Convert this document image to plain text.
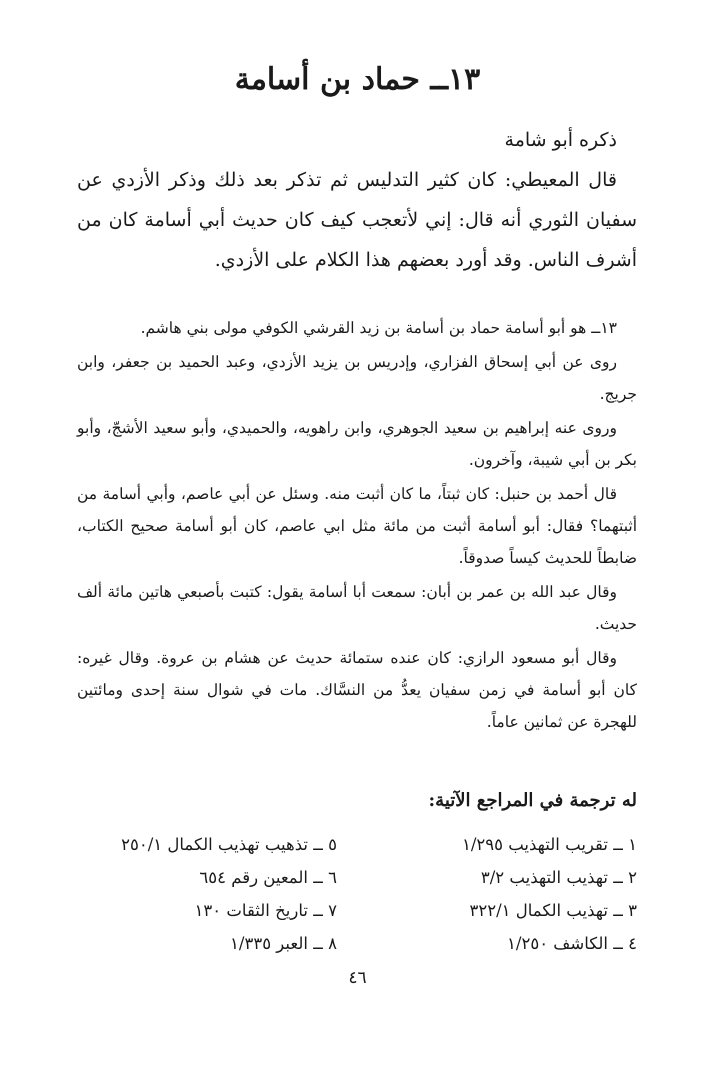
١٣ــ حماد بن أسامة

ذكره أبو شامة

قال المعيطي: كان كثير التدليس ثم تذكر بعد ذلك وذكر الأزدي عن سفيان الثوري أنه قال: إني لأتعجب كيف كان حديث أبي أسامة كان من أشرف الناس. وقد أورد بعضهم هذا الكلام على الأزدي.

١٣ــ هو أبو أسامة حماد بن أسامة بن زيد القرشي الكوفي مولى بني هاشم.

روى عن أبي إسحاق الفزاري، وإدريس بن يزيد الأزدي، وعبد الحميد بن جعفر، وابن جريج.

وروى عنه إبراهيم بن سعيد الجوهري، وابن راهويه، والحميدي، وأبو سعيد الأشجّ، وأبو بكر بن أبي شيبة، وآخرون.

قال أحمد بن حنبل: كان ثبتاً، ما كان أثبت منه. وسئل عن أبي عاصم، وأبي أسامة من أثبتهما؟ فقال: أبو أسامة أثبت من مائة مثل ابي عاصم، كان أبو أسامة صحيح الكتاب، ضابطاً للحديث كيساً صدوقاً.

وقال عبد الله بن عمر بن أبان: سمعت أبا أسامة يقول: كتبت بأصبعي هاتين مائة ألف حديث.

وقال أبو مسعود الرازي: كان عنده ستمائة حديث عن هشام بن عروة. وقال غيره: كان أبو أسامة في زمن سفيان يعدُّ من النسَّاك. مات في شوال سنة إحدى ومائتين للهجرة عن ثمانين عاماً.

له ترجمة في المراجع الآتية:
١ ــ تقريب التهذيب ١/٢٩٥
٢ ــ تهذيب التهذيب ٣/٢
٣ ــ تهذيب الكمال ٣٢٢/١
٤ ــ الكاشف ١/٢٥٠
٥ ــ تذهيب تهذيب الكمال ٢٥٠/١
٦ ــ المعين رقم ٦٥٤
٧ ــ تاريخ الثقات ١٣٠
٨ ــ العبر ١/٣٣٥
٤٦
